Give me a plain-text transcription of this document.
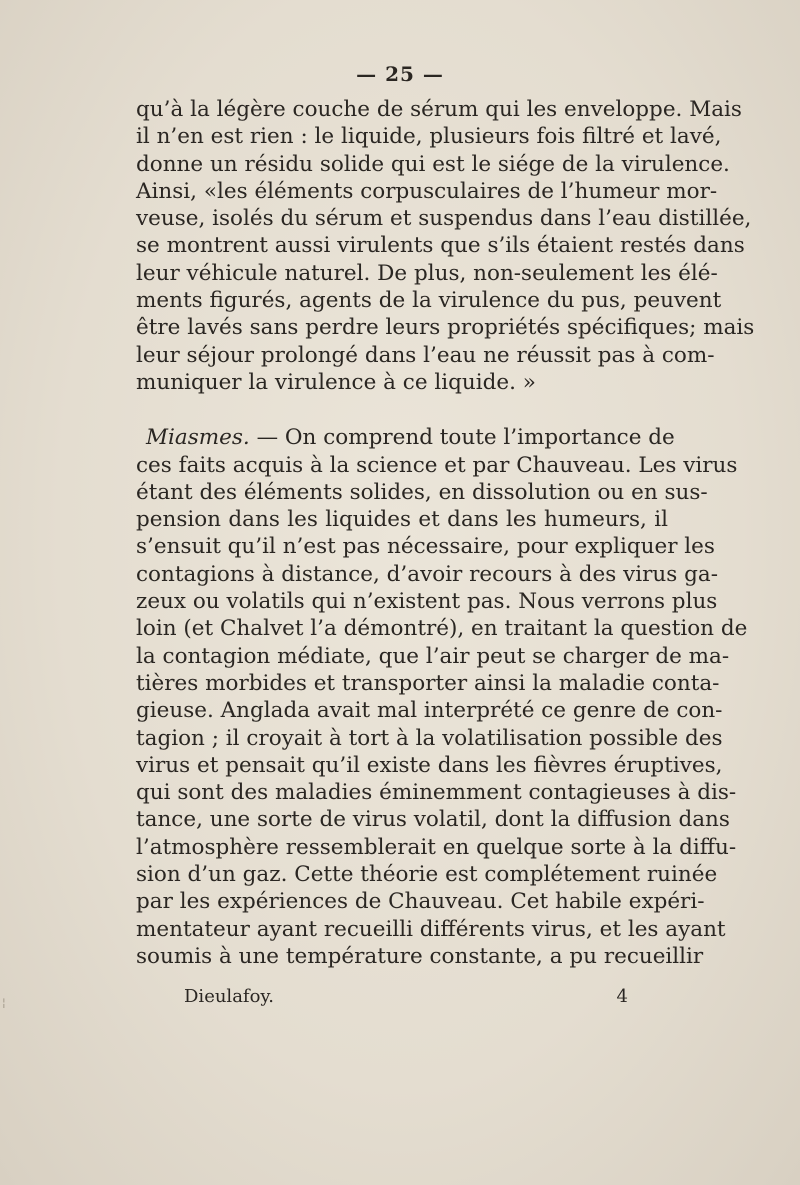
— 25 —
qu’à la légère couche de sérum qui les enveloppe. Mais
il n’en est rien : le liquide, plusieurs fois filtré et lavé,
donne un résidu solide qui est le siége de la virulence.
Ainsi, «les éléments corpusculaires de l’humeur mor-
veuse, isolés du sérum et suspendus dans l’eau distillée,
se montrent aussi virulents que s’ils étaient restés dans
leur véhicule naturel. De plus, non-seulement les élé-
ments figurés, agents de la virulence du pus, peuvent
être lavés sans perdre leurs propriétés spécifiques; mais
leur séjour prolongé dans l’eau ne réussit pas à com-
muniquer la virulence à ce liquide. »
Miasmes. — On comprend toute l’importance de
ces faits acquis à la science et par Chauveau. Les virus
étant des éléments solides, en dissolution ou en sus-
pension dans les liquides et dans les humeurs, il
s’ensuit qu’il n’est pas nécessaire, pour expliquer les
contagions à distance, d’avoir recours à des virus ga-
zeux ou volatils qui n’existent pas. Nous verrons plus
loin (et Chalvet l’a démontré), en traitant la question de
la contagion médiate, que l’air peut se charger de ma-
tières morbides et transporter ainsi la maladie conta-
gieuse. Anglada avait mal interprété ce genre de con-
tagion ; il croyait à tort à la volatilisation possible des
virus et pensait qu’il existe dans les fièvres éruptives,
qui sont des maladies éminemment contagieuses à dis-
tance, une sorte de virus volatil, dont la diffusion dans
l’atmosphère ressemblerait en quelque sorte à la diffu-
sion d’un gaz. Cette théorie est complétement ruinée
par les expériences de Chauveau. Cet habile expéri-
mentateur ayant recueilli différents virus, et les ayant
soumis à une température constante, a pu recueillir
Dieulafoy.	4
¦
